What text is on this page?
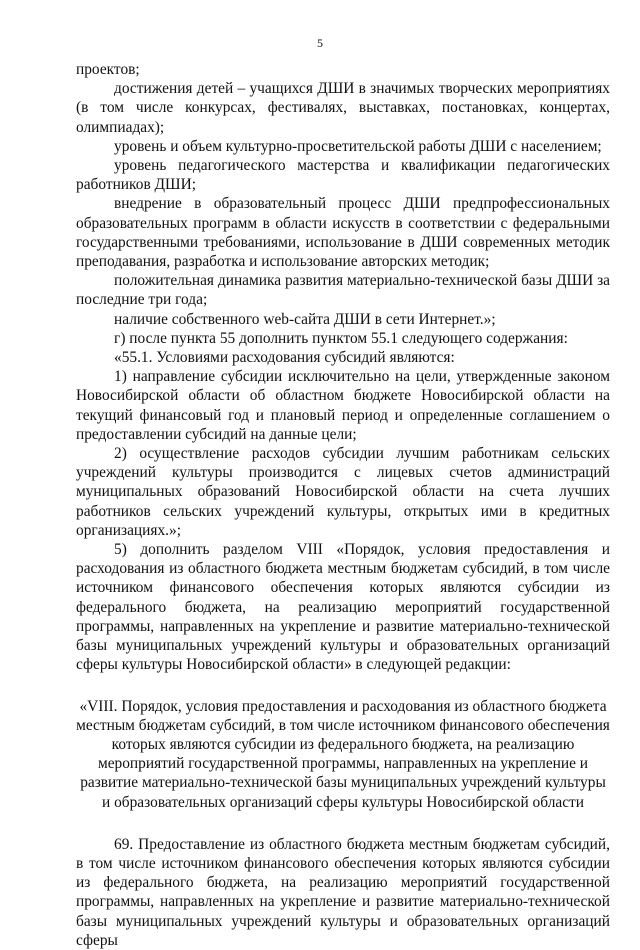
5

проектов;

достижения детей – учащихся ДШИ в значимых творческих мероприятиях (в том числе конкурсах, фестивалях, выставках, постановках, концертах, олимпиадах);

уровень и объем культурно-просветительской работы ДШИ с населением;

уровень педагогического мастерства и квалификации педагогических работников ДШИ;

внедрение в образовательный процесс ДШИ предпрофессиональных образовательных программ в области искусств в соответствии с федеральными государственными требованиями, использование в ДШИ современных методик преподавания, разработка и использование авторских методик;

положительная динамика развития материально-технической базы ДШИ за последние три года;

наличие собственного web-сайта ДШИ в сети Интернет.»;

г) после пункта 55 дополнить пунктом 55.1 следующего содержания:

«55.1. Условиями расходования субсидий являются:

1) направление субсидии исключительно на цели, утвержденные законом Новосибирской области об областном бюджете Новосибирской области на текущий финансовый год и плановый период и определенные соглашением о предоставлении субсидий на данные цели;

2) осуществление расходов субсидии лучшим работникам сельских учреждений культуры производится с лицевых счетов администраций муниципальных образований Новосибирской области на счета лучших работников сельских учреждений культуры, открытых ими в кредитных организациях.»;

5) дополнить разделом VIII «Порядок, условия предоставления и расходования из областного бюджета местным бюджетам субсидий, в том числе источником финансового обеспечения которых являются субсидии из федерального бюджета, на реализацию мероприятий государственной программы, направленных на укрепление и развитие материально-технической базы муниципальных учреждений культуры и образовательных организаций сферы культуры Новосибирской области» в следующей редакции:

«VIII. Порядок, условия предоставления и расходования из областного бюджета местным бюджетам субсидий, в том числе источником финансового обеспечения которых являются субсидии из федерального бюджета, на реализацию мероприятий государственной программы, направленных на укрепление и развитие материально-технической базы муниципальных учреждений культуры и образовательных организаций сферы культуры Новосибирской области

69. Предоставление из областного бюджета местным бюджетам субсидий, в том числе источником финансового обеспечения которых являются субсидии из федерального бюджета, на реализацию мероприятий государственной программы, направленных на укрепление и развитие материально-технической базы муниципальных учреждений культуры и образовательных организаций сферы
